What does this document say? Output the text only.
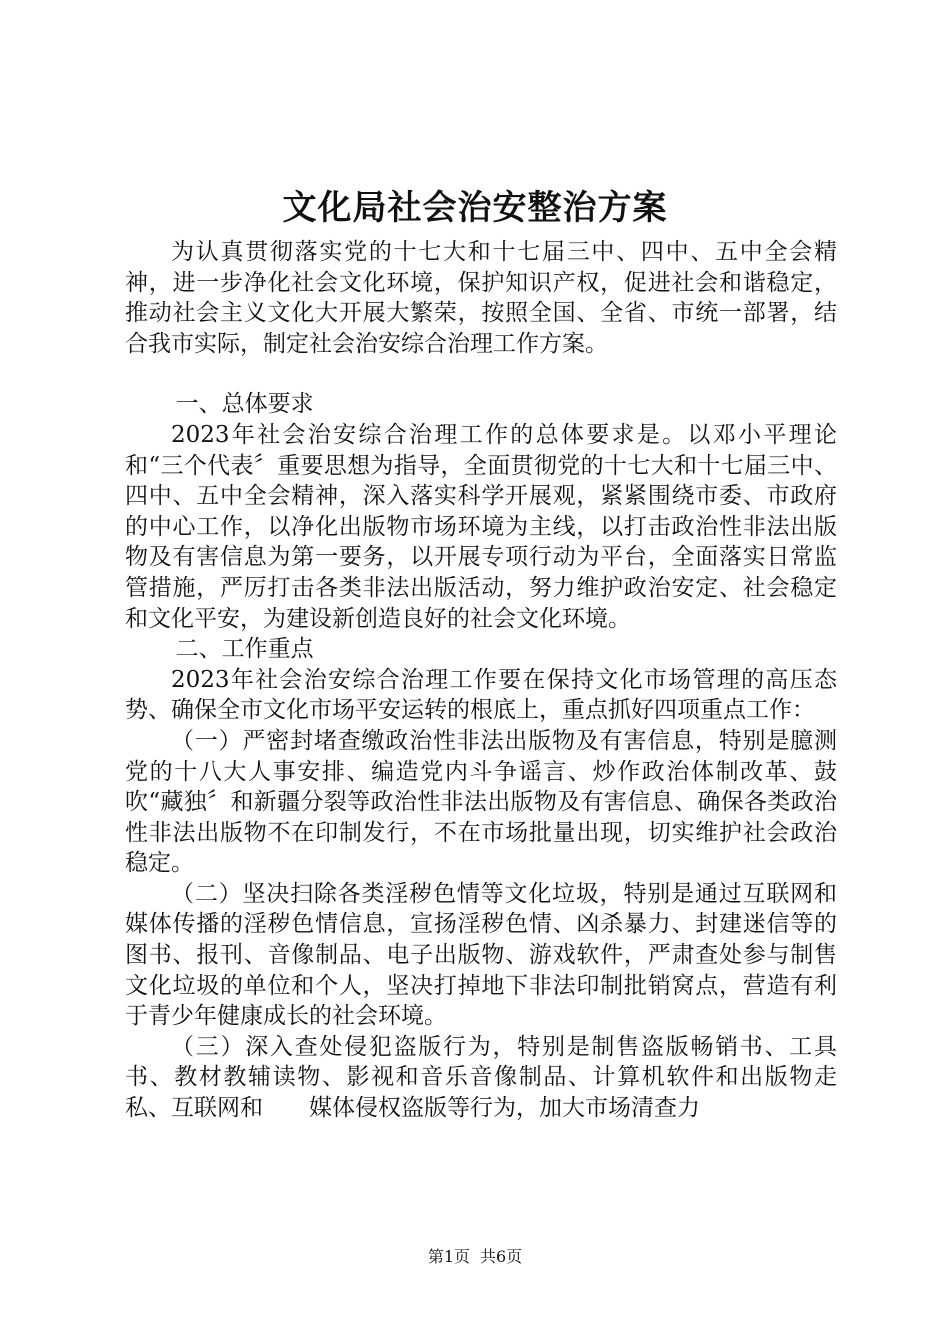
文化局社会治安整治方案

为认真贯彻落实党的十七大和十七届三中、四中、五中全会精神，进一步净化社会文化环境，保护知识产权，促进社会和谐稳定，推动社会主义文化大开展大繁荣，按照全国、全省、市统一部署，结合我市实际，制定社会治安综合治理工作方案。

一、总体要求

2023年社会治安综合治理工作的总体要求是。以邓小平理论和“三个代表〞重要思想为指导，全面贯彻党的十七大和十七届三中、四中、五中全会精神，深入落实科学开展观，紧紧围绕市委、市政府的中心工作，以净化出版物市场环境为主线，以打击政治性非法出版物及有害信息为第一要务，以开展专项行动为平台，全面落实日常监管措施，严厉打击各类非法出版活动，努力维护政治安定、社会稳定和文化平安，为建设新创造良好的社会文化环境。

二、工作重点

2023年社会治安综合治理工作要在保持文化市场管理的高压态势、确保全市文化市场平安运转的根底上，重点抓好四项重点工作：

（一）严密封堵查缴政治性非法出版物及有害信息，特别是臆测党的十八大人事安排、编造党内斗争谣言、炒作政治体制改革、鼓吹“藏独〞和新疆分裂等政治性非法出版物及有害信息、确保各类政治性非法出版物不在印制发行，不在市场批量出现，切实维护社会政治稳定。

（二）坚决扫除各类淫秽色情等文化垃圾，特别是通过互联网和　　媒体传播的淫秽色情信息，宣扬淫秽色情、凶杀暴力、封建迷信等的图书、报刊、音像制品、电子出版物、游戏软件，严肃查处参与制售文化垃圾的单位和个人，坚决打掉地下非法印制批销窝点，营造有利于青少年健康成长的社会环境。

（三）深入查处侵犯盗版行为，特别是制售盗版畅销书、工具书、教材教辅读物、影视和音乐音像制品、计算机软件和出版物走私、互联网和　　媒体侵权盗版等行为，加大市场清查力

第1页 共6页
